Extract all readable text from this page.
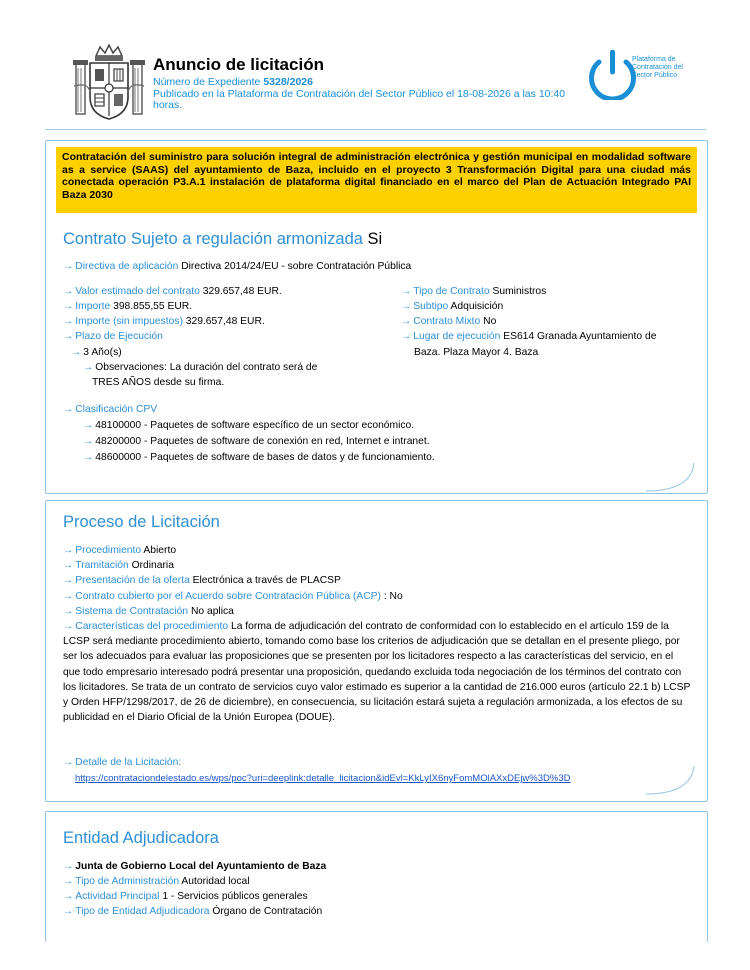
Anuncio de licitación
Número de Expediente 5328/2026
Publicado en la Plataforma de Contratación del Sector Público el 18-08-2026 a las 10:40 horas.
Plataforma de Contratación del Sector Público
Contratación del suministro para solución integral de administración electrónica y gestión municipal en modalidad software as a service (SAAS) del ayuntamiento de Baza, incluido en el proyecto 3 Transformación Digital para una ciudad más conectada operación P3.A.1 instalación de plataforma digital financiado en el marco del Plan de Actuación Integrado PAI Baza 2030
Contrato Sujeto a regulación armonizada Si
→ Directiva de aplicación Directiva 2014/24/EU - sobre Contratación Pública
→ Valor estimado del contrato 329.657,48 EUR.
→ Importe 398.855,55 EUR.
→ Importe (sin impuestos) 329.657,48 EUR.
→ Plazo de Ejecución
→ 3 Año(s)
→ Observaciones: La duración del contrato será de
TRES AÑOS desde su firma.
→ Tipo de Contrato Suministros
→ Subtipo Adquisición
→ Contrato Mixto No
→ Lugar de ejecución ES614 Granada Ayuntamiento de
Baza. Plaza Mayor 4. Baza
→ Clasificación CPV
→ 48100000 - Paquetes de software específico de un sector económico.
→ 48200000 - Paquetes de software de conexión en red, Internet e intranet.
→ 48600000 - Paquetes de software de bases de datos y de funcionamiento.
Proceso de Licitación
→ Procedimiento Abierto
→ Tramitación Ordinaria
→ Presentación de la oferta Electrónica a través de PLACSP
→ Contrato cubierto por el Acuerdo sobre Contratación Pública (ACP) : No
→ Sistema de Contratación No aplica
→ Características del procedimiento La forma de adjudicación del contrato de conformidad con lo establecido en el artículo 159 de la LCSP será mediante procedimiento abierto, tomando como base los criterios de adjudicación que se detallan en el presente pliego, por ser los adecuados para evaluar las proposiciones que se presenten por los licitadores respecto a las características del servicio, en el que todo empresario interesado podrá presentar una proposición, quedando excluida toda negociación de los términos del contrato con los licitadores. Se trata de un contrato de servicios cuyo valor estimado es superior a la cantidad de 216.000 euros (artículo 22.1 b) LCSP y Orden HFP/1298/2017, de 26 de diciembre), en consecuencia, su licitación estará sujeta a regulación armonizada, a los efectos de su publicidad en el Diario Oficial de la Unión Europea (DOUE).
→ Detalle de la Licitación:
https://contrataciondelestado.es/wps/poc?uri=deeplink:detalle_licitacion&idEvl=KkLyIX6nyFomMOlAXxDEjw%3D%3D
Entidad Adjudicadora
→ Junta de Gobierno Local del Ayuntamiento de Baza
→ Tipo de Administración Autoridad local
→ Actividad Principal 1 - Servicios públicos generales
→ Tipo de Entidad Adjudicadora Órgano de Contratación
